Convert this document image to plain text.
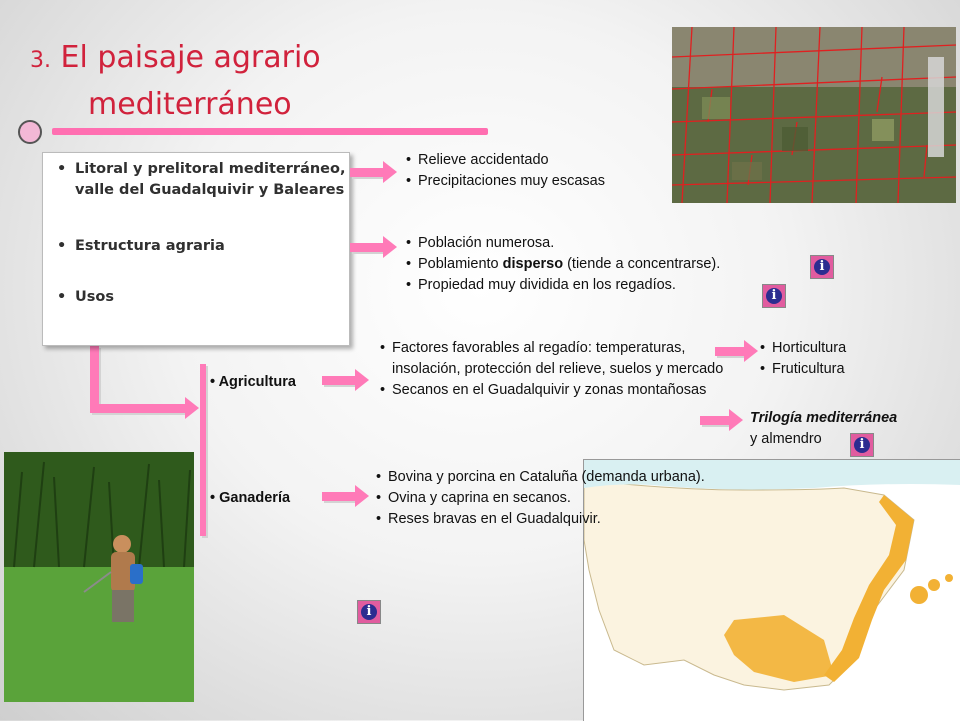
3. El paisaje agrario
mediterráneo
• Litoral y prelitoral mediterráneo, valle del Guadalquivir y Baleares
• Estructura agraria
• Usos
• Relieve accidentado
• Precipitaciones muy escasas
• Población numerosa.
• Poblamiento disperso (tiende a concentrarse).
• Propiedad muy dividida en los regadíos.
• Agricultura
• Ganadería
• Factores favorables al regadío: temperaturas, insolación, protección del relieve, suelos y mercado
• Secanos en el Guadalquivir y zonas montañosas
• Horticultura
• Fruticultura
Trilogía mediterránea
y almendro
• Bovina y porcina en Cataluña (demanda urbana).
• Ovina y caprina en secanos.
• Reses bravas en el Guadalquivir.
i
i
i
i
